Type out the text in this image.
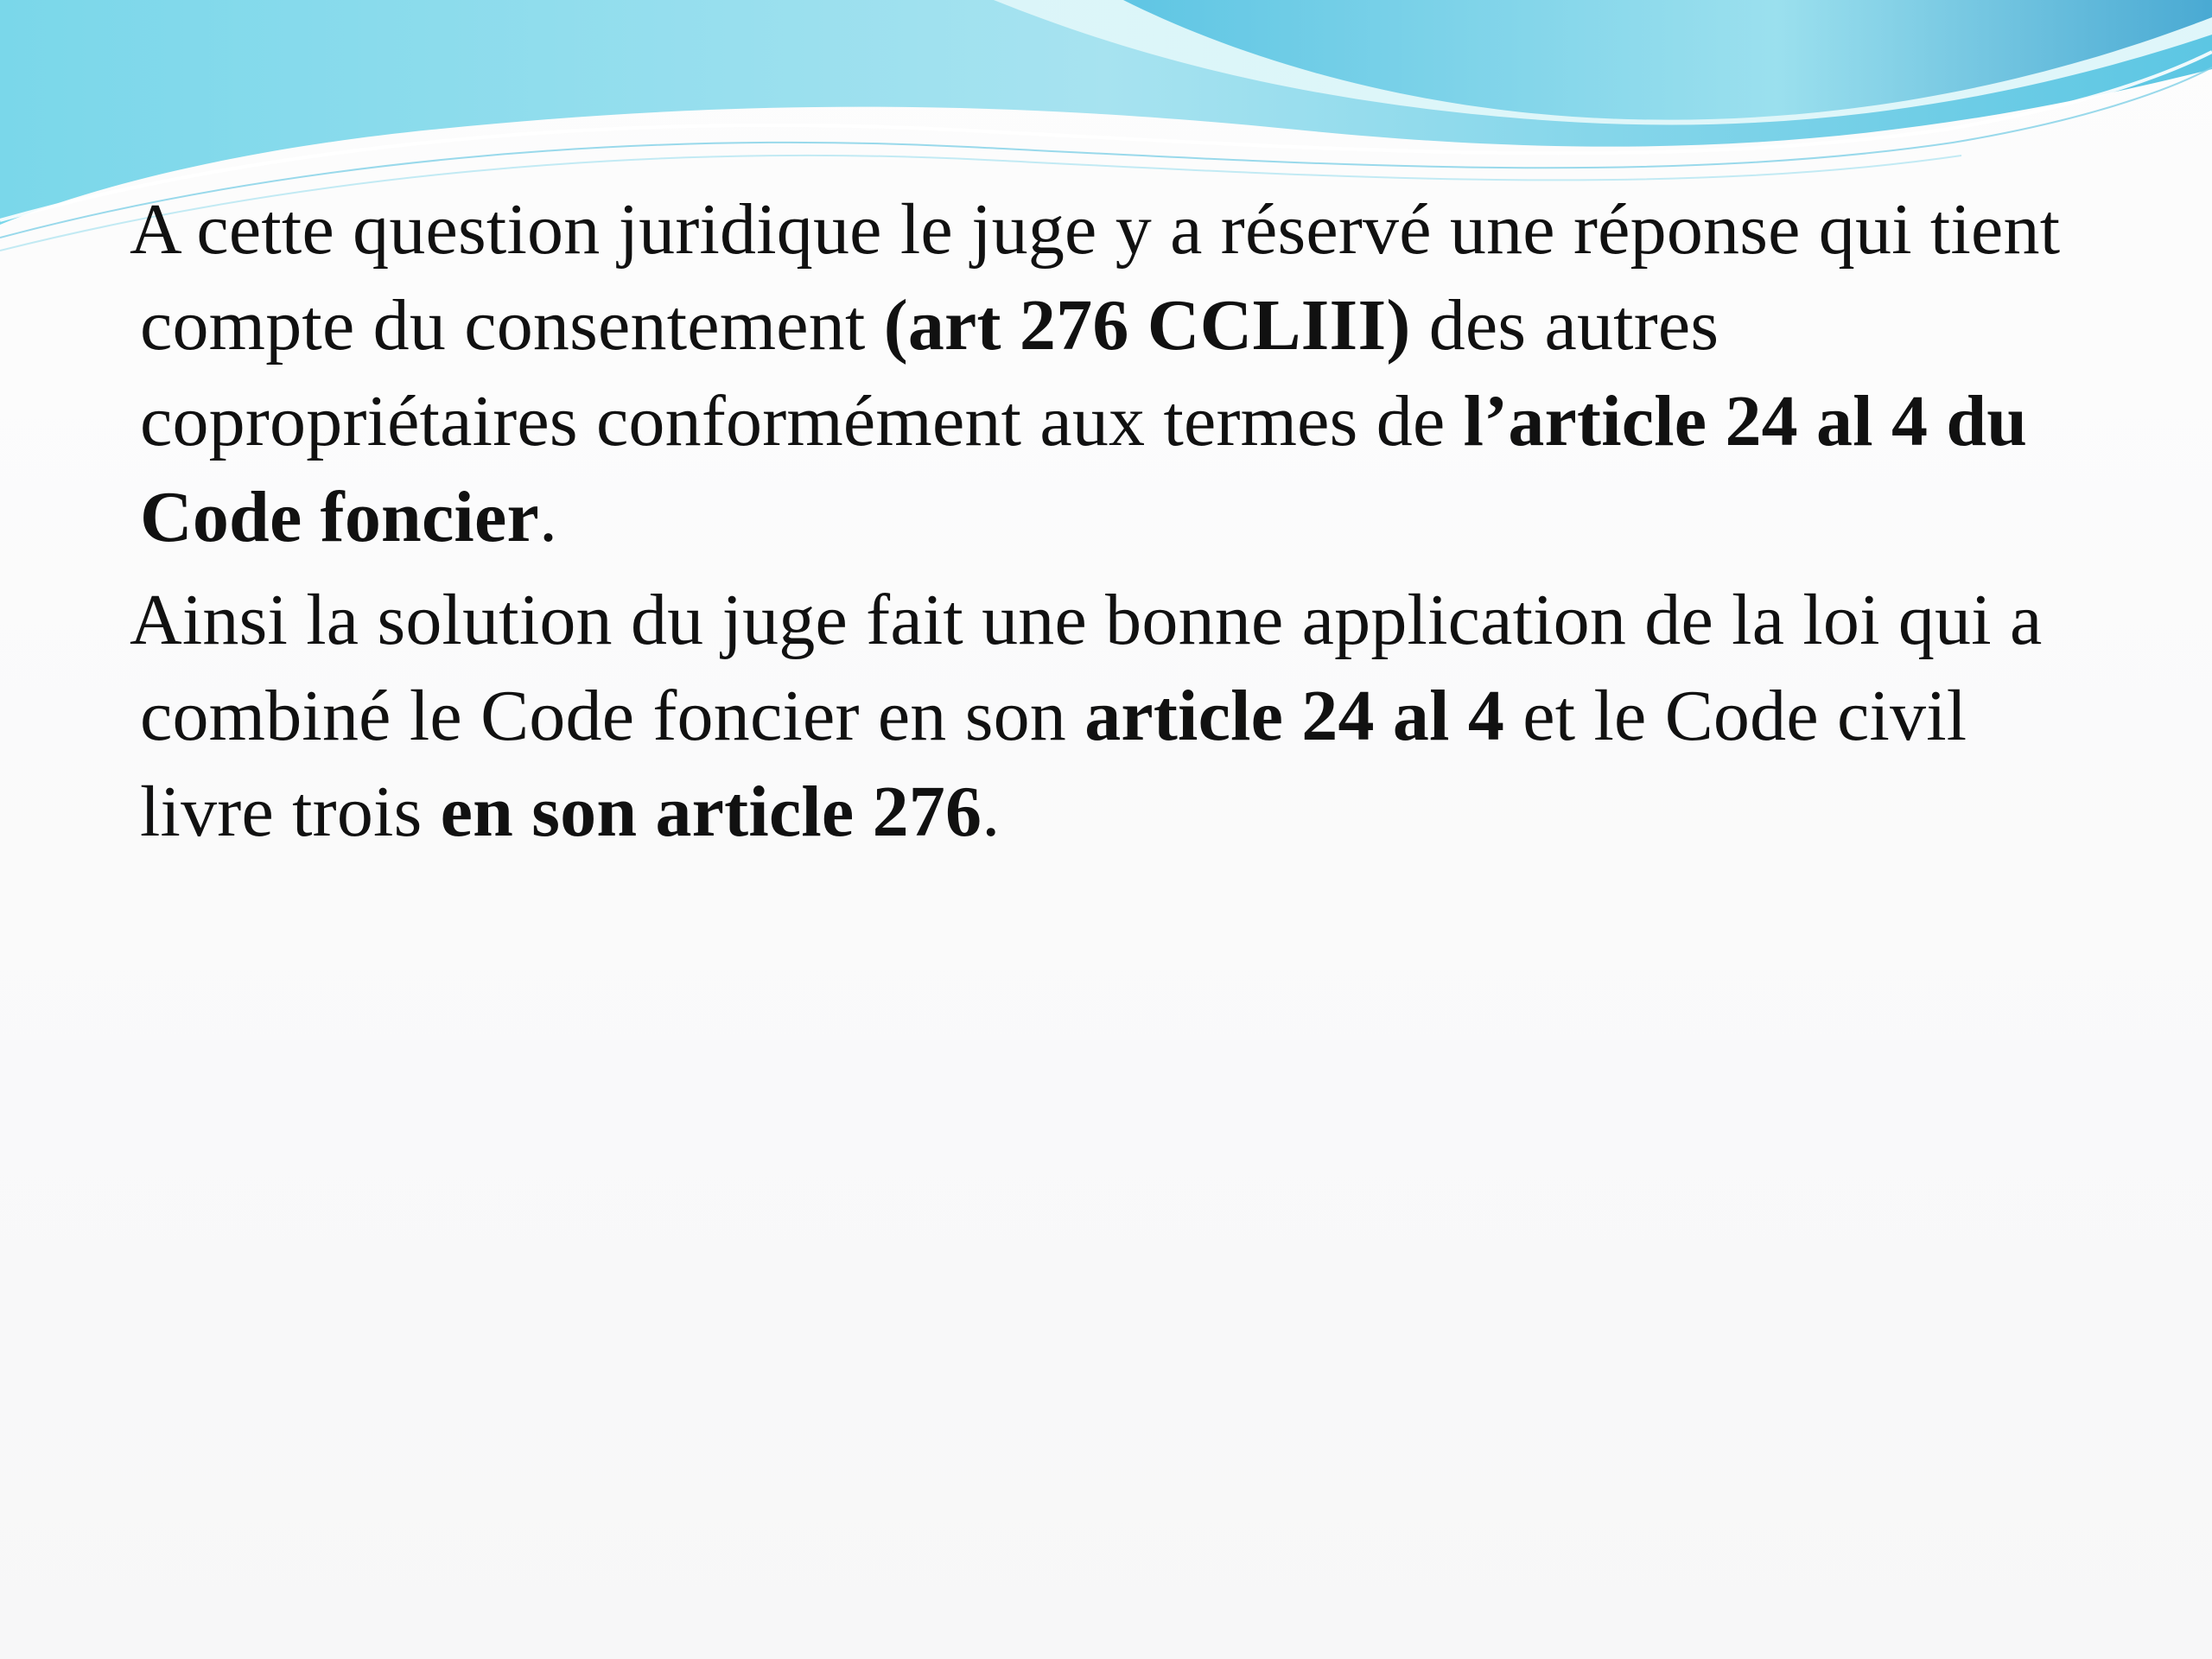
A cette question juridique le juge y a réservé une réponse qui tient compte du consentement (art 276 CCLIII) des autres copropriétaires conformément aux termes de l’article 24 al 4 du Code foncier.

Ainsi la solution du juge fait une bonne application de la loi qui a combiné le Code foncier en son article 24 al 4 et le Code civil livre trois en son article 276.
